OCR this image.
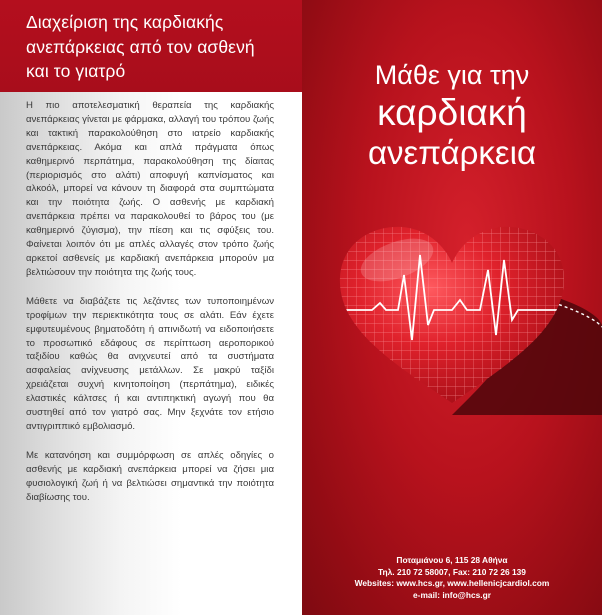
Διαχείριση της καρδιακής
ανεπάρκειας από τον ασθενή
και το γιατρό

Η πιο αποτελεσματική θεραπεία της καρδιακής ανεπάρκειας γίνεται με φάρμακα, αλλαγή του τρόπου ζωής και τακτική παρακολούθηση στο ιατρείο καρδιακής ανεπάρκειας. Ακόμα και απλά πράγματα όπως καθημερινό περπάτημα, παρακολούθηση της δίαιτας (περιορισμός στο αλάτι) αποφυγή καπνίσματος και αλκοόλ, μπορεί να κάνουν τη διαφορά στα συμπτώματα και την ποιότητα ζωής. Ο ασθενής με καρδιακή ανεπάρκεια πρέπει να παρακολουθεί το βάρος του (με καθημερινό ζύγισμα), την πίεση και τις σφύξεις του. Φαίνεται λοιπόν ότι με απλές αλλαγές στον τρόπο ζωής αρκετοί ασθενείς με καρδιακή ανεπάρκεια μπορούν μα βελτιώσουν την ποιότητα της ζωής τους.

Μάθετε να διαβάζετε τις λεζάντες των τυποποιημένων τροφίμων την περιεκτικότητα τους σε αλάτι. Εάν έχετε εμφυτευμένους βηματοδότη ή απινιδωτή να ειδοποιήσετε το προσωπικό εδάφους σε περίπτωση αεροπορικού ταξιδίου καθώς θα ανιχνευτεί από τα συστήματα ασφαλείας ανίχνευσης μετάλλων. Σε μακρύ ταξίδι χρειάζεται συχνή κινητοποίηση (περπάτημα), ειδικές ελαστικές κάλτσες ή και αντιπηκτική αγωγή που θα συστηθεί από τον γιατρό σας. Μην ξεχνάτε τον ετήσιο αντιγριππικό εμβολιασμό.

Με κατανόηση και συμμόρφωση σε απλές οδηγίες ο ασθενής με καρδιακή ανεπάρκεια μπορεί να ζήσει μια φυσιολογική ζωή ή να βελτιώσει σημαντικά την ποιότητα διαβίωσης του.

Μάθε για την
καρδιακή
ανεπάρκεια
Ποταμιάνου 6, 115 28 Αθήνα
Τηλ. 210 72 58007, Fax: 210 72 26 139
Websites: www.hcs.gr, www.hellenicjcardiol.com
e-mail: info@hcs.gr
